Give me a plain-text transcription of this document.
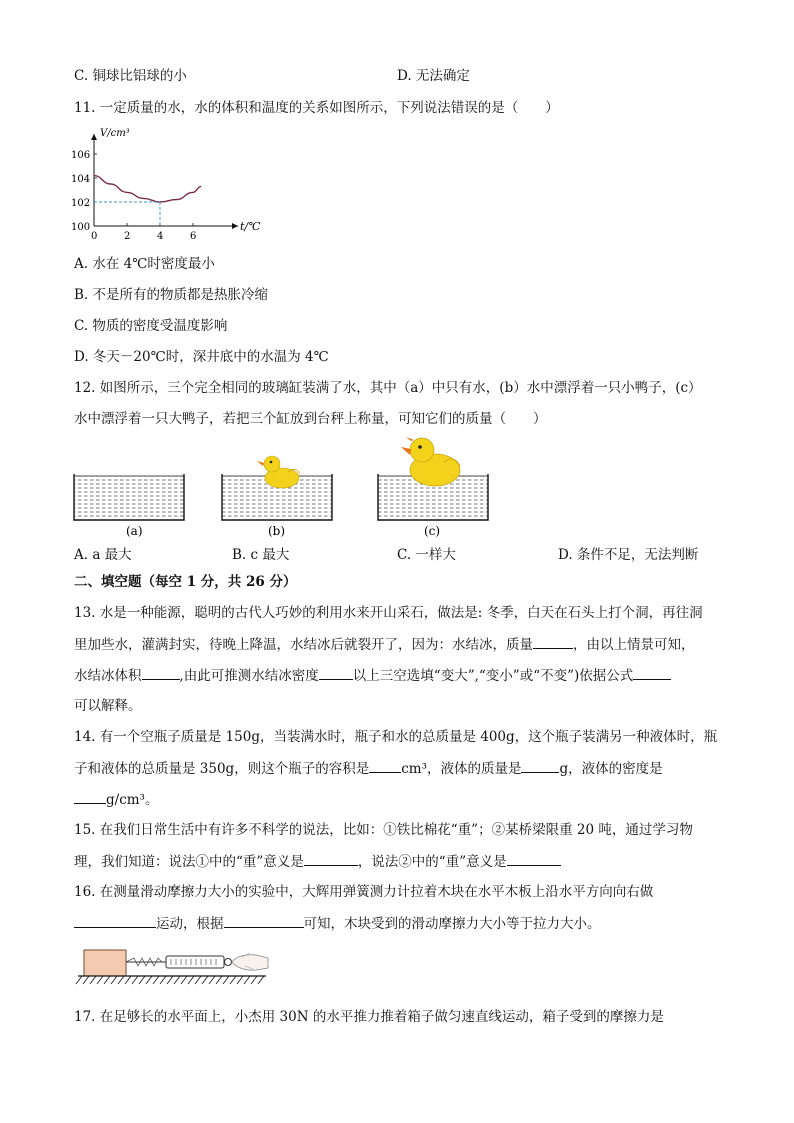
C. 铜球比铝球的小	D. 无法确定
11. 一定质量的水，水的体积和温度的关系如图所示，下列说法错误的是（　　）
0	2	4	6
100
102
104
106
V/cm³
t/℃
A. 水在 4℃时密度最小
B. 不是所有的物质都是热胀冷缩
C. 物质的密度受温度影响
D. 冬天－20℃时，深井底中的水温为 4℃
12. 如图所示，三个完全相同的玻璃缸装满了水，其中（a）中只有水，(b）水中漂浮着一只小鸭子，(c）
水中漂浮着一只大鸭子，若把三个缸放到台秤上称量，可知它们的质量（　　）
(a)	(b)	(c)
A. a 最大	B. c 最大	C. 一样大	D. 条件不足，无法判断
二、填空题（每空 1 分，共 26 分）
13. 水是一种能源，聪明的古代人巧妙的利用水来开山采石，做法是: 冬季，白天在石头上打个洞，再往洞
里加些水，灌满封实，待晚上降温，水结冰后就裂开了，因为：水结冰，质量	，由以上情景可知，
水结冰体积	,由此可推测水结冰密度	以上三空选填“变大”,“变小”或“不变”)依据公式
可以解释。
14. 有一个空瓶子质量是 150g，当装满水时，瓶子和水的总质量是 400g，这个瓶子装满另一种液体时，瓶
子和液体的总质量是 350g，则这个瓶子的容积是 cm³，液体的质量是	g，液体的密度是
g/cm³。
15. 在我们日常生活中有许多不科学的说法，比如：①铁比棉花“重”；②某桥梁限重 20 吨，通过学习物
理，我们知道：说法①中的“重”意义是	，说法②中的“重”意义是
16. 在测量滑动摩擦力大小的实验中，大辉用弹簧测力计拉着木块在水平木板上沿水平方向向右做
运动，根据	可知，木块受到的滑动摩擦力大小等于拉力大小。
17. 在足够长的水平面上，小杰用 30N 的水平推力推着箱子做匀速直线运动，箱子受到的摩擦力是
